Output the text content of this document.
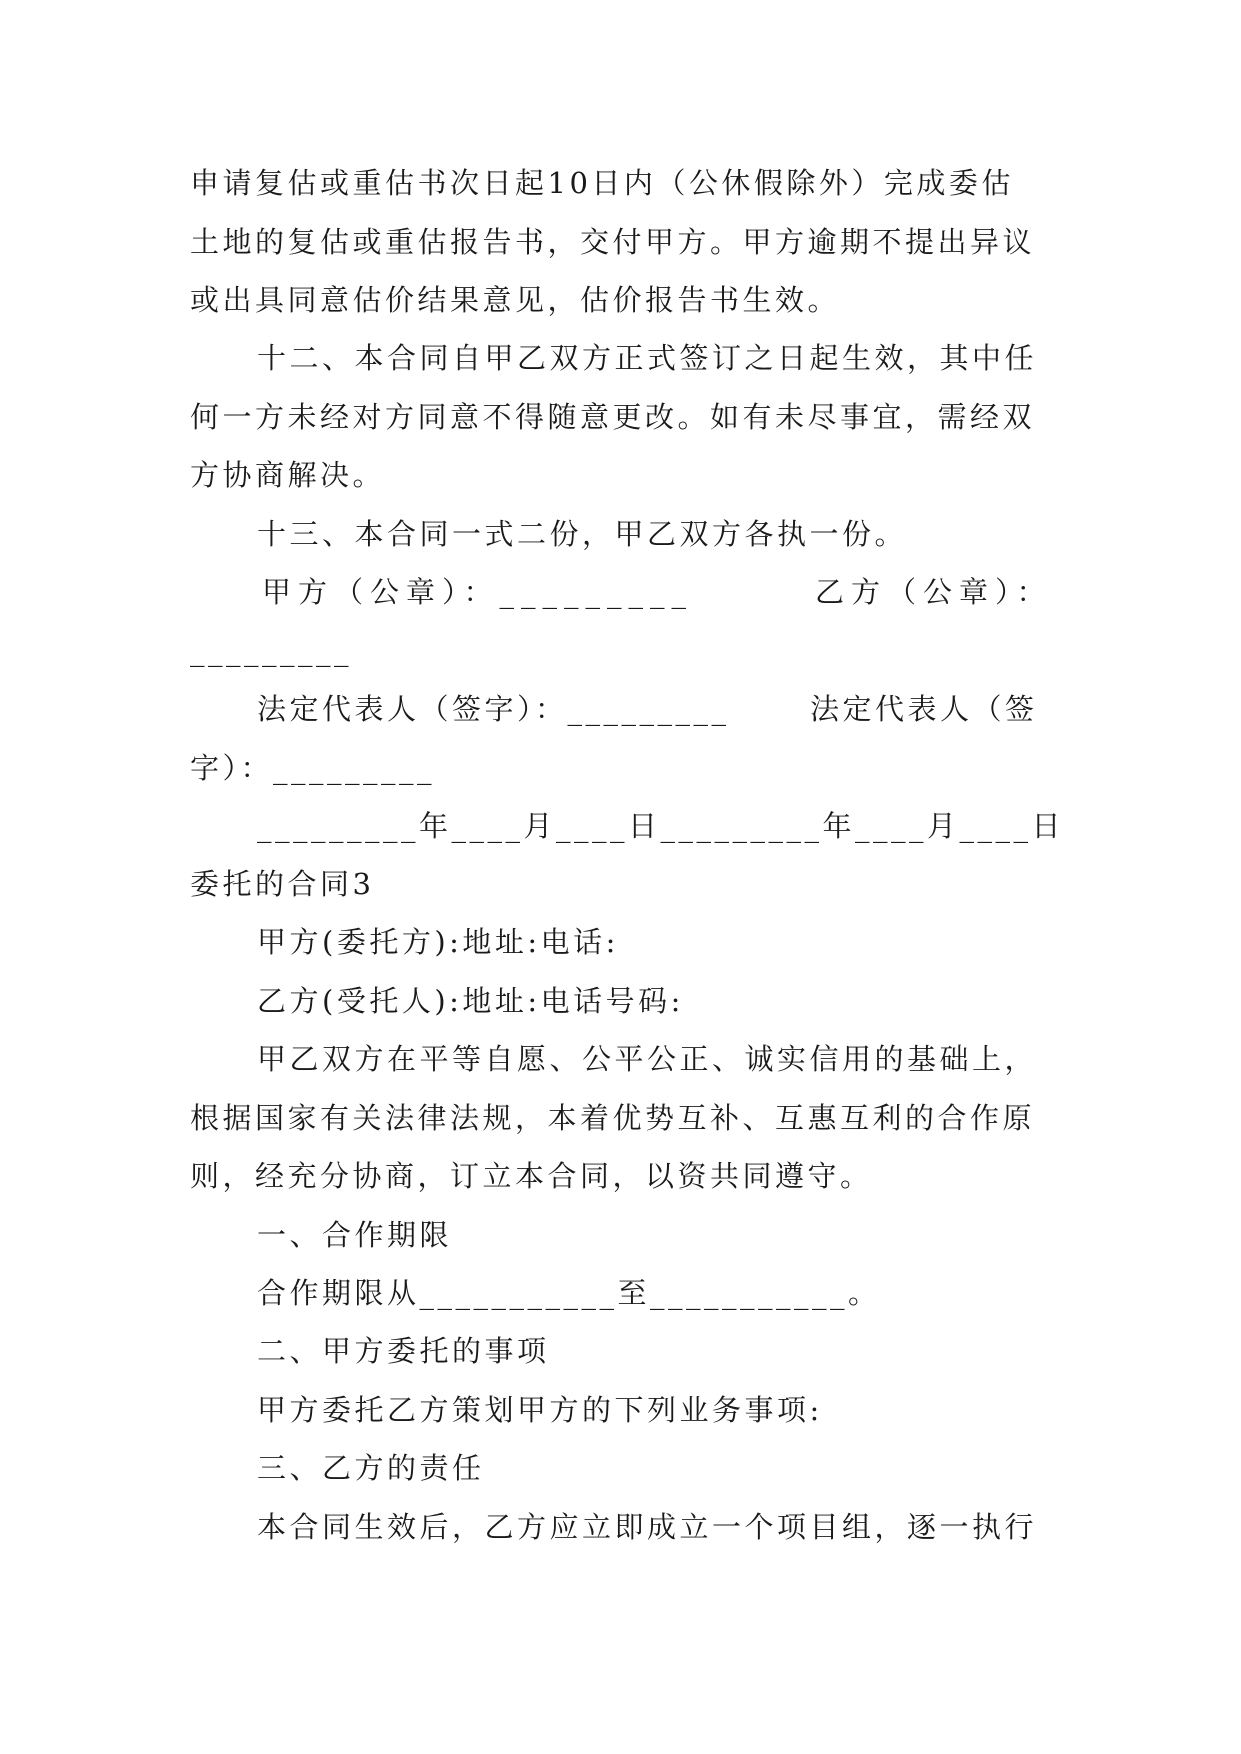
申请复估或重估书次日起10日内（公休假除外）完成委估
土地的复估或重估报告书，交付甲方。甲方逾期不提出异议
或出具同意估价结果意见，估价报告书生效。
十二、本合同自甲乙双方正式签订之日起生效，其中任
何一方未经对方同意不得随意更改。如有未尽事宜，需经双
方协商解决。
十三、本合同一式二份，甲乙双方各执一份。
甲方（公章）：_________	乙方（公章）：
_________
法定代表人（签字）：_________	法定代表人（签
字）：_________
_________年____月____日_________年____月____日
委托的合同3
甲方(委托方):地址:电话:
乙方(受托人):地址:电话号码:
甲乙双方在平等自愿、公平公正、诚实信用的基础上，
根据国家有关法律法规，本着优势互补、互惠互利的合作原
则，经充分协商，订立本合同，以资共同遵守。
一、合作期限
合作期限从___________至___________。
二、甲方委托的事项
甲方委托乙方策划甲方的下列业务事项:
三、乙方的责任
本合同生效后，乙方应立即成立一个项目组，逐一执行
